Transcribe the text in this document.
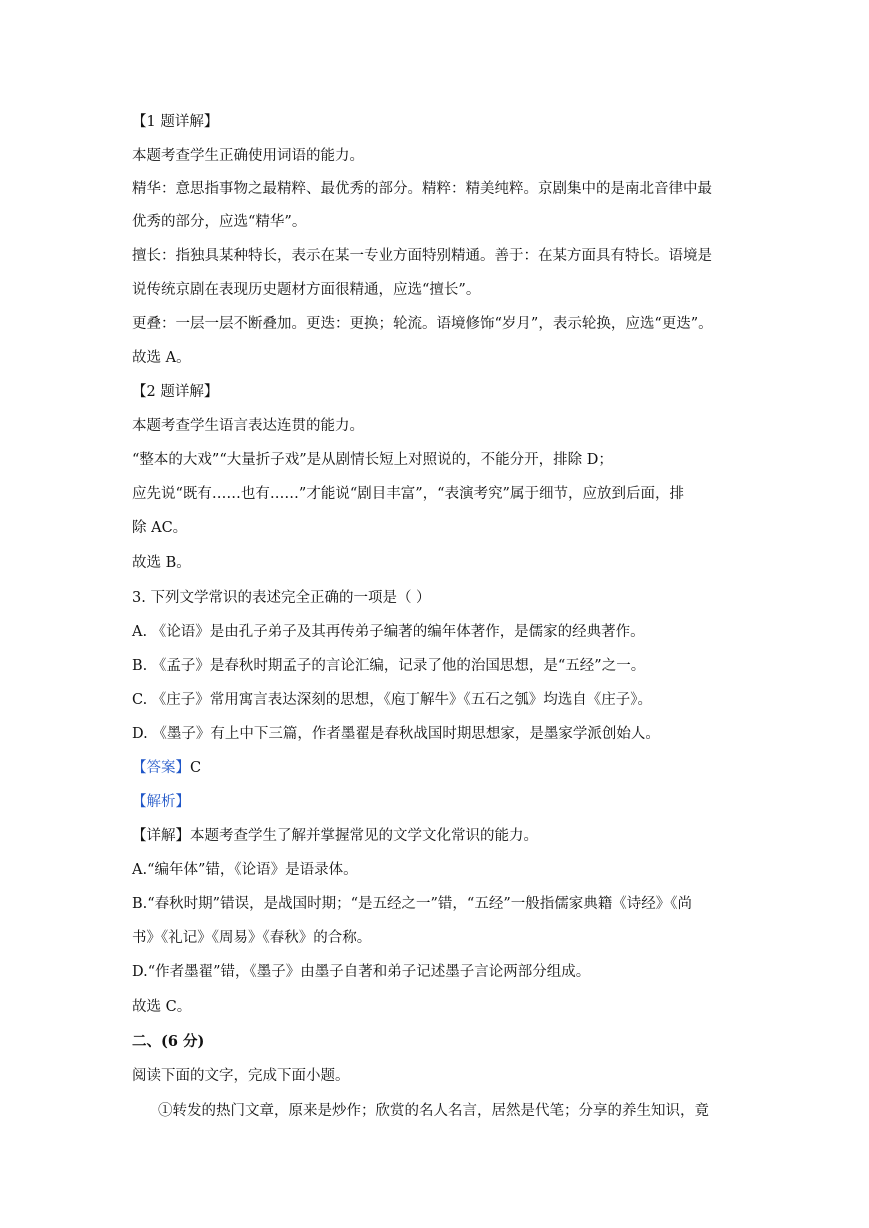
【1 题详解】
本题考查学生正确使用词语的能力。
精华：意思指事物之最精粹、最优秀的部分。精粹：精美纯粹。京剧集中的是南北音律中最
优秀的部分，应选“精华”。
擅长：指独具某种特长，表示在某一专业方面特别精通。善于：在某方面具有特长。语境是
说传统京剧在表现历史题材方面很精通，应选“擅长”。
更叠：一层一层不断叠加。更迭：更换；轮流。语境修饰“岁月”，表示轮换，应选“更迭”。
故选 A。
【2 题详解】
本题考查学生语言表达连贯的能力。
“整本的大戏”“大量折子戏”是从剧情长短上对照说的，不能分开，排除 D；
应先说“既有……也有……”才能说“剧目丰富”，“表演考究”属于细节，应放到后面，排
除 AC。
故选 B。
3. 下列文学常识的表述完全正确的一项是（ ）
A. 《论语》是由孔子弟子及其再传弟子编著的编年体著作，是儒家的经典著作。
B. 《孟子》是春秋时期孟子的言论汇编，记录了他的治国思想，是“五经”之一。
C. 《庄子》常用寓言表达深刻的思想，《庖丁解牛》《五石之瓠》均选自《庄子》。
D. 《墨子》有上中下三篇，作者墨翟是春秋战国时期思想家，是墨家学派创始人。
【答案】C
【解析】
【详解】本题考查学生了解并掌握常见的文学文化常识的能力。
A.“编年体”错，《论语》是语录体。
B.“春秋时期”错误，是战国时期；“是五经之一”错，“五经”一般指儒家典籍《诗经》《尚
书》《礼记》《周易》《春秋》的合称。
D.“作者墨翟”错，《墨子》由墨子自著和弟子记述墨子言论两部分组成。
故选 C。
二、(6 分)
阅读下面的文字，完成下面小题。
①转发的热门文章，原来是炒作；欣赏的名人名言，居然是代笔；分享的养生知识，竟
